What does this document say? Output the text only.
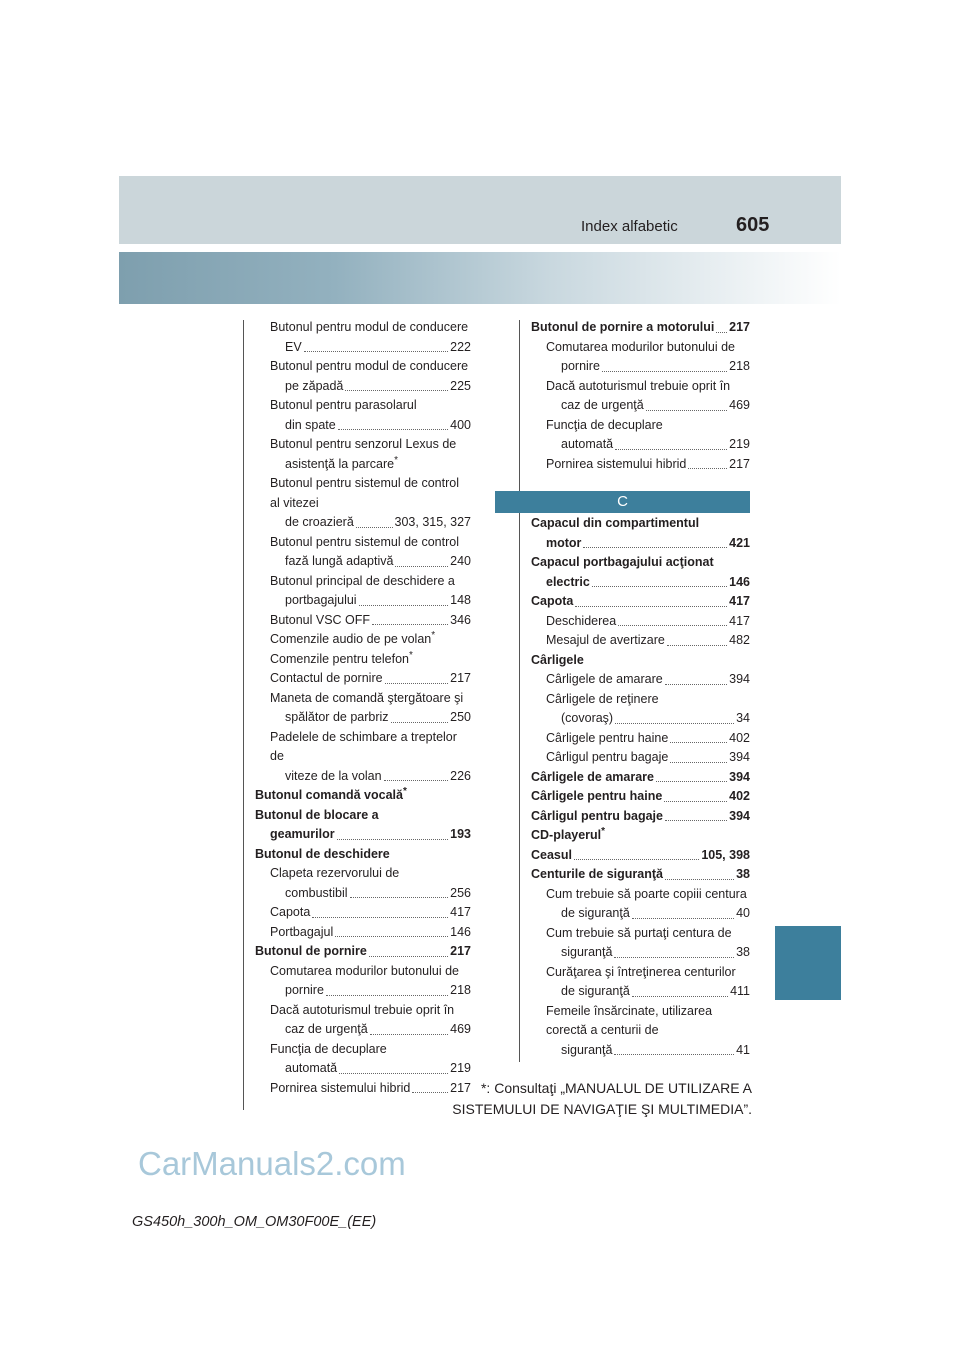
Index alfabetic	605
Butonul pentru modul de conducere
EV	222
Butonul pentru modul de conducere
pe zăpadă	225
Butonul pentru parasolarul
din spate	400
Butonul pentru senzorul Lexus de
asistenţă la parcare*
Butonul pentru sistemul de control
al vitezei
de croazieră	303, 315, 327
Butonul pentru sistemul de control
fază lungă adaptivă	240
Butonul principal de deschidere a
portbagajului	148
Butonul VSC OFF	346
Comenzile audio de pe volan*
Comenzile pentru telefon*
Contactul de pornire	217
Maneta de comandă ştergătoare şi
spălător de parbriz	250
Padelele de schimbare a treptelor de
viteze de la volan	226
Butonul comandă vocală*
Butonul de blocare a
geamurilor	193
Butonul de deschidere
Clapeta rezervorului de
combustibil	256
Capota	417
Portbagajul	146
Butonul de pornire	217
Comutarea modurilor butonului de
pornire	218
Dacă autoturismul trebuie oprit în
caz de urgenţă	469
Funcţia de decuplare
automată	219
Pornirea sistemului hibrid	217
Butonul de pornire a motorului 217
Comutarea modurilor butonului de
pornire	218
Dacă autoturismul trebuie oprit în
caz de urgenţă	469
Funcţia de decuplare
automată	219
Pornirea sistemului hibrid	217
C
Capacul din compartimentul
motor	421
Capacul portbagajului acţionat
electric	146
Capota	417
Deschiderea	417
Mesajul de avertizare	482
Cârligele
Cârligele de amarare	394
Cârligele de reţinere
(covoraş)	34
Cârligele pentru haine	402
Cârligul pentru bagaje	394
Cârligele de amarare	394
Cârligele pentru haine	402
Cârligul pentru bagaje	394
CD-playerul*
Ceasul	105, 398
Centurile de siguranţă	38
Cum trebuie să poarte copiii centura
de siguranţă	40
Cum trebuie să purtaţi centura de
siguranţă	38
Curăţarea şi întreţinerea centurilor
de siguranţă	411
Femeile însărcinate, utilizarea
corectă a centurii de
siguranţă	41
*: Consultaţi „MANUALUL DE UTILIZARE A
SISTEMULUI DE NAVIGAŢIE ŞI MULTIMEDIA”.
CarManuals2.com
GS450h_300h_OM_OM30F00E_(EE)
